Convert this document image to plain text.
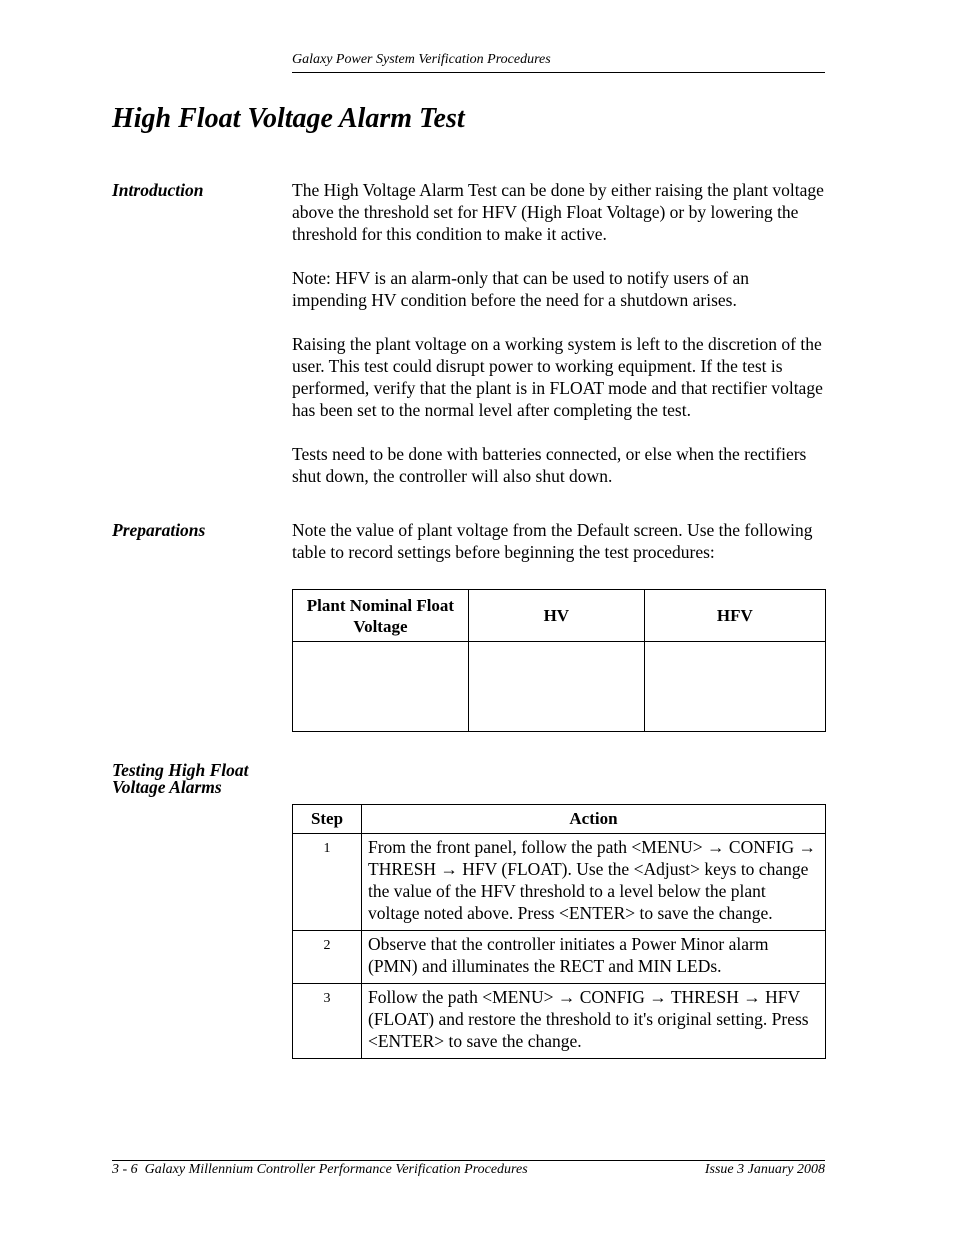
Galaxy Power System Verification Procedures
High Float Voltage Alarm Test
Introduction	The High Voltage Alarm Test can be done by either raising the plant voltage above the threshold set for HFV (High Float Voltage) or by lowering the threshold for this condition to make it active.

Note: HFV is an alarm-only that can be used to notify users of an impending HV condition before the need for a shutdown arises.

Raising the plant voltage on a working system is left to the discretion of the user. This test could disrupt power to working equipment. If the test is performed, verify that the plant is in FLOAT mode and that rectifier voltage has been set to the normal level after completing the test.

Tests need to be done with batteries connected, or else when the rectifiers shut down, the controller will also shut down.

Preparations	Note the value of plant voltage from the Default screen. Use the following table to record settings before beginning the test procedures:

Plant Nominal Float Voltage	HV	HFV

Testing High Float Voltage Alarms
Step	Action
1	From the front panel, follow the path <MENU> → CONFIG → THRESH → HFV (FLOAT). Use the <Adjust> keys to change the value of the HFV threshold to a level below the plant voltage noted above. Press <ENTER> to save the change.
2	Observe that the controller initiates a Power Minor alarm (PMN) and illuminates the RECT and MIN LEDs.
3	Follow the path <MENU> → CONFIG → THRESH → HFV (FLOAT) and restore the threshold to it's original setting. Press <ENTER> to save the change.
3 - 6  Galaxy Millennium Controller Performance Verification Procedures	Issue 3 January 2008
